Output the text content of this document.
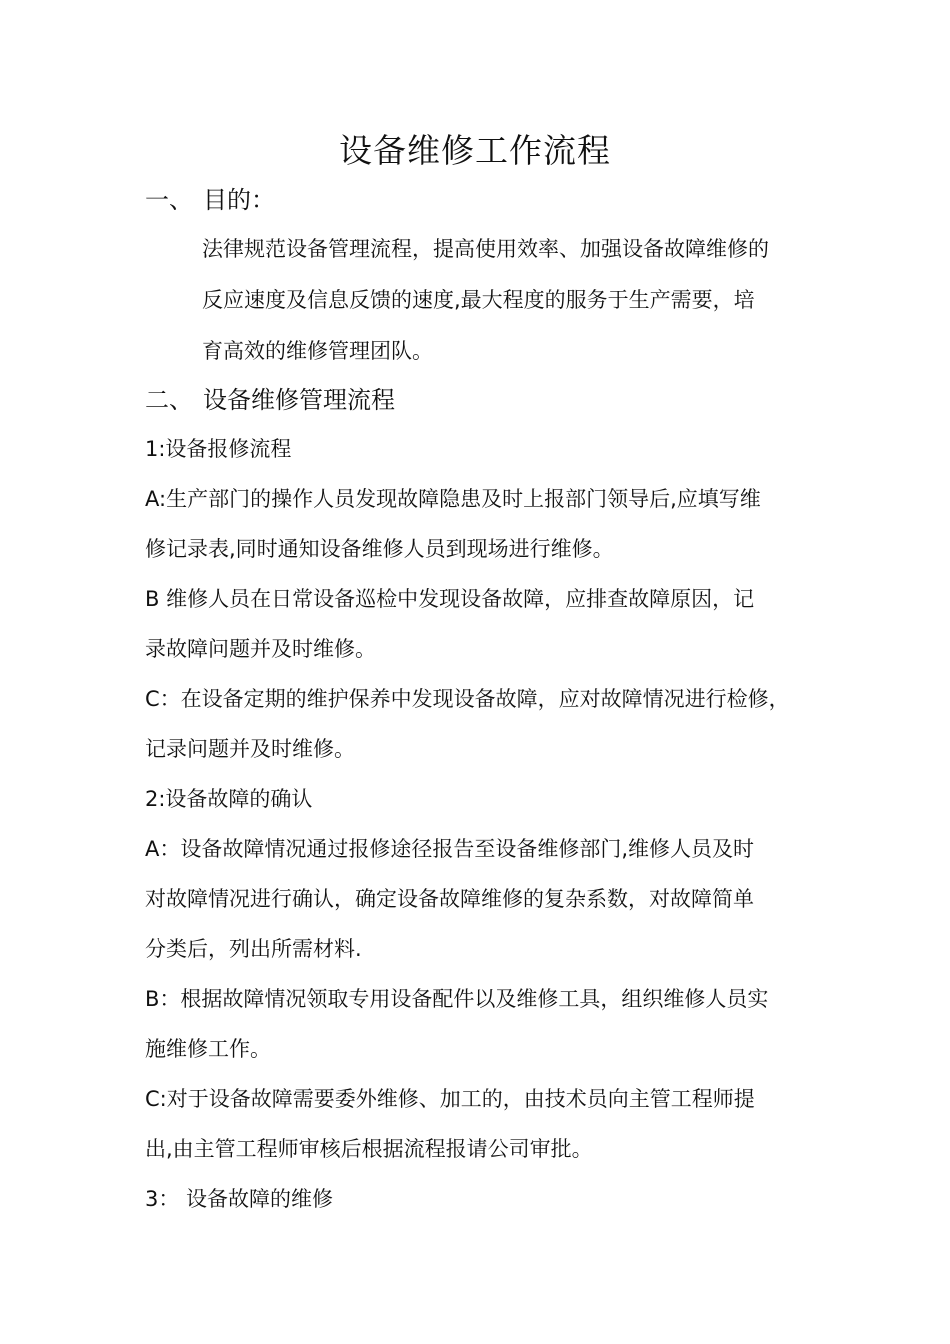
设备维修工作流程
一、 目的：
法律规范设备管理流程，提高使用效率、加强设备故障维修的
反应速度及信息反馈的速度,最大程度的服务于生产需要，培
育高效的维修管理团队。
二、 设备维修管理流程
1:设备报修流程
A:生产部门的操作人员发现故障隐患及时上报部门领导后,应填写维
修记录表,同时通知设备维修人员到现场进行维修。
B 维修人员在日常设备巡检中发现设备故障，应排查故障原因，记
录故障问题并及时维修。
C：在设备定期的维护保养中发现设备故障，应对故障情况进行检修，
记录问题并及时维修。
2:设备故障的确认
A：设备故障情况通过报修途径报告至设备维修部门,维修人员及时
对故障情况进行确认，确定设备故障维修的复杂系数，对故障简单
分类后，列出所需材料.
B：根据故障情况领取专用设备配件以及维修工具，组织维修人员实
施维修工作。
C:对于设备故障需要委外维修、加工的，由技术员向主管工程师提
出,由主管工程师审核后根据流程报请公司审批。
3： 设备故障的维修
